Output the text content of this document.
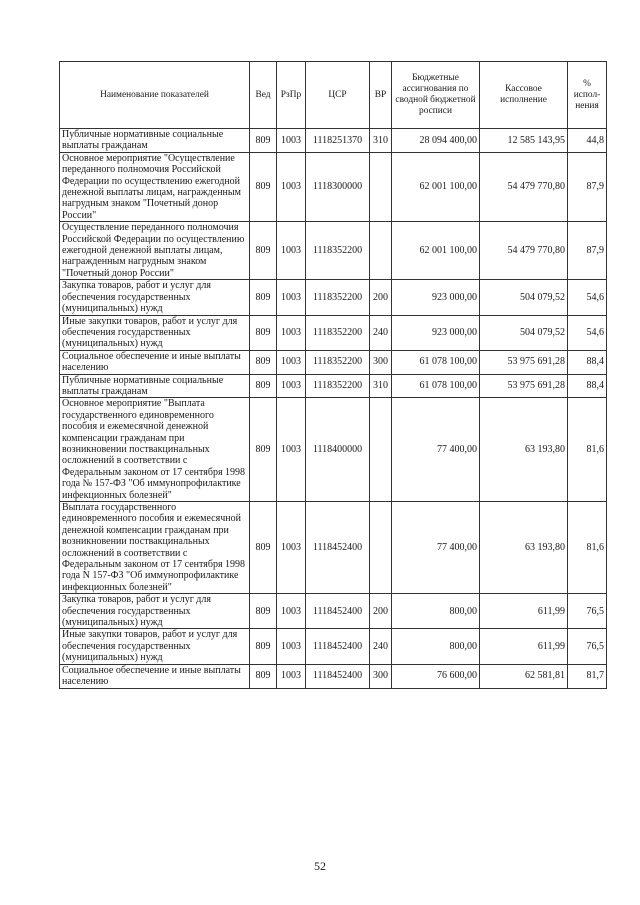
Наименование показателей	Вед	РзПр	ЦСР	ВР	Бюджетные ассигнования по сводной бюджетной росписи	Кассовое исполнение	% испол-нения
Публичные нормативные социальные выплаты гражданам	809	1003	1118251370	310	28 094 400,00	12 585 143,95	44,8
Основное мероприятие "Осуществление переданного полномочия Российской Федерации по осуществлению ежегодной денежной выплаты лицам, награжденным нагрудным знаком "Почетный донор России"	809	1003	1118300000		62 001 100,00	54 479 770,80	87,9
Осуществление переданного полномочия Российской Федерации по осуществлению ежегодной денежной выплаты лицам, награжденным нагрудным знаком "Почетный донор России"	809	1003	1118352200		62 001 100,00	54 479 770,80	87,9
Закупка товаров, работ и услуг для обеспечения государственных (муниципальных) нужд	809	1003	1118352200	200	923 000,00	504 079,52	54,6
Иные закупки товаров, работ и услуг для обеспечения государственных (муниципальных) нужд	809	1003	1118352200	240	923 000,00	504 079,52	54,6
Социальное обеспечение и иные выплаты населению	809	1003	1118352200	300	61 078 100,00	53 975 691,28	88,4
Публичные нормативные социальные выплаты гражданам	809	1003	1118352200	310	61 078 100,00	53 975 691,28	88,4
Основное мероприятие "Выплата государственного единовременного пособия и ежемесячной денежной компенсации гражданам при возникновении поствакцинальных осложнений в соответствии с Федеральным законом от 17 сентября 1998 года № 157-ФЗ "Об иммунопрофилактике инфекционных болезней"	809	1003	1118400000		77 400,00	63 193,80	81,6
Выплата государственного единовременного пособия и ежемесячной денежной компенсации гражданам при возникновении поствакцинальных осложнений в соответствии с Федеральным законом от 17 сентября 1998 года N 157-ФЗ "Об иммунопрофилактике инфекционных болезней"	809	1003	1118452400		77 400,00	63 193,80	81,6
Закупка товаров, работ и услуг для обеспечения государственных (муниципальных) нужд	809	1003	1118452400	200	800,00	611,99	76,5
Иные закупки товаров, работ и услуг для обеспечения государственных (муниципальных) нужд	809	1003	1118452400	240	800,00	611,99	76,5
Социальное обеспечение и иные выплаты населению	809	1003	1118452400	300	76 600,00	62 581,81	81,7
52
